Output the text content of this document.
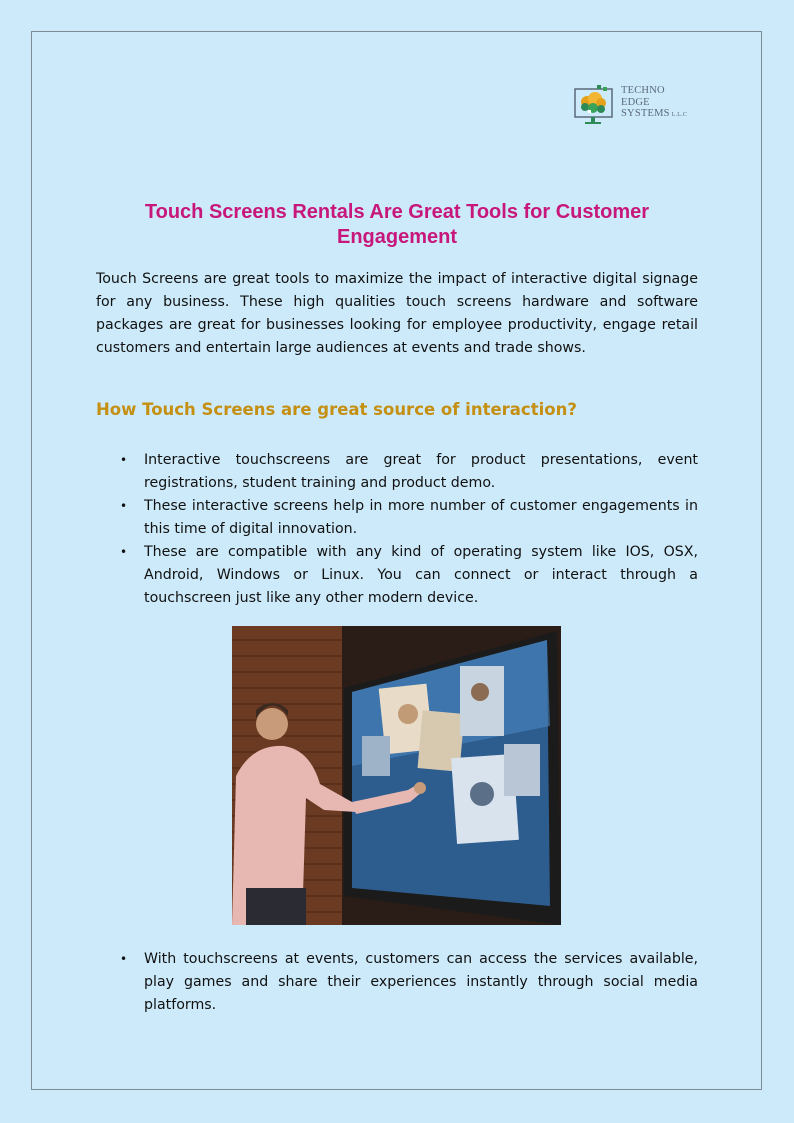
TECHNO
EDGE
SYSTEMS L.L.C
Touch Screens Rentals Are Great Tools for Customer Engagement

Touch Screens are great tools to maximize the impact of interactive digital signage for any business. These high qualities touch screens hardware and software packages are great for businesses looking for employee productivity, engage retail customers and entertain large audiences at events and trade shows.

How Touch Screens are great source of interaction?
• Interactive touchscreens are great for product presentations, event registrations, student training and product demo.
• These interactive screens help in more number of customer engagements in this time of digital innovation.
• These are compatible with any kind of operating system like IOS, OSX, Android, Windows or Linux. You can connect or interact through a touchscreen just like any other modern device.
• With touchscreens at events, customers can access the services available, play games and share their experiences instantly through social media platforms.
